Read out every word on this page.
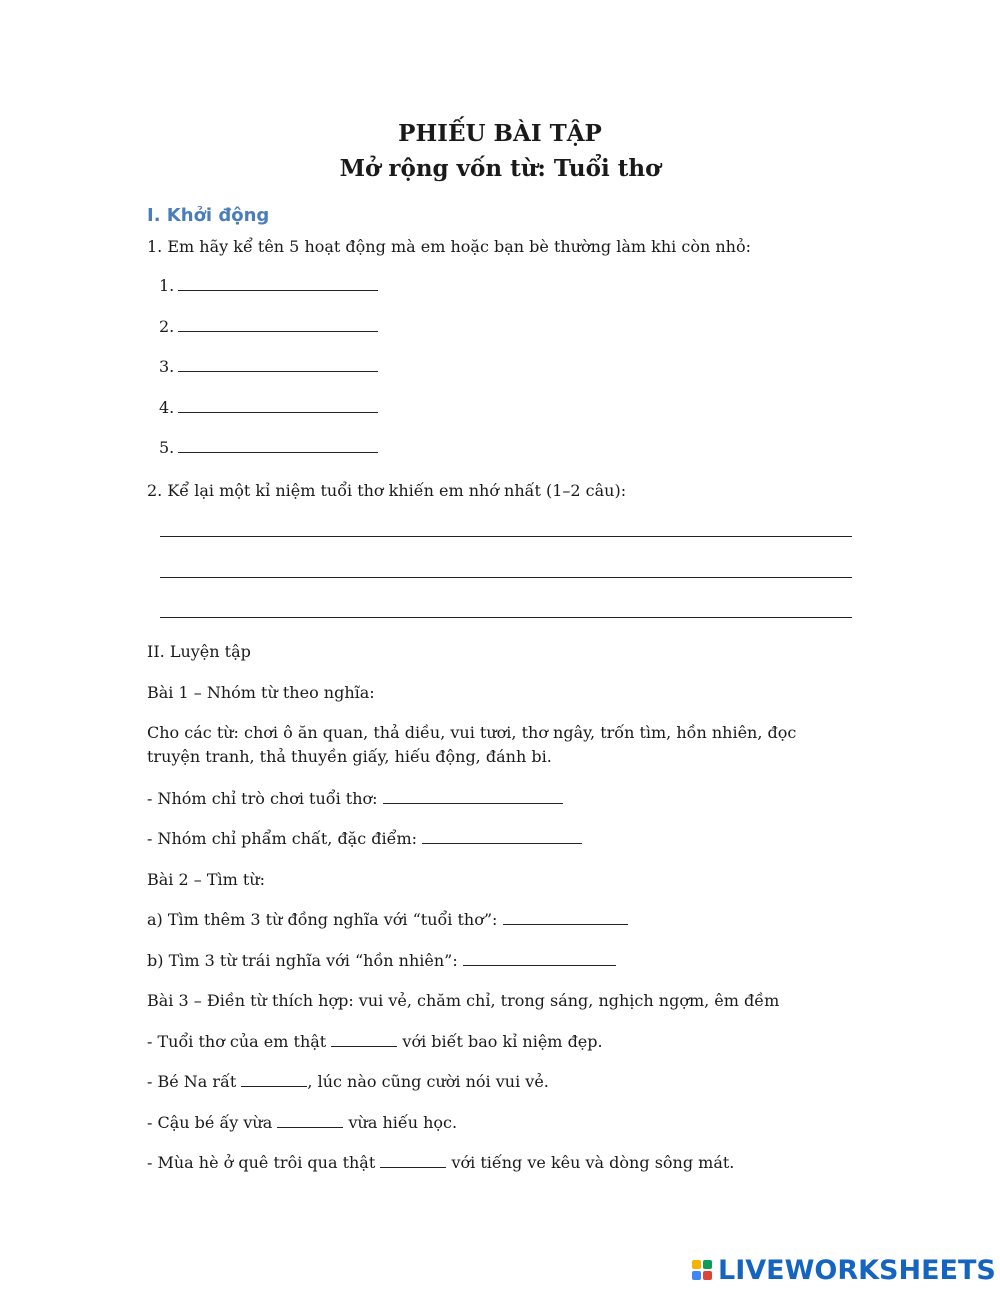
PHIẾU BÀI TẬP
Mở rộng vốn từ: Tuổi thơ
I. Khởi động
1. Em hãy kể tên 5 hoạt động mà em hoặc bạn bè thường làm khi còn nhỏ:
1.
2.
3.
4.
5.
2. Kể lại một kỉ niệm tuổi thơ khiến em nhớ nhất (1–2 câu):
II. Luyện tập
Bài 1 – Nhóm từ theo nghĩa:
Cho các từ: chơi ô ăn quan, thả diều, vui tươi, thơ ngây, trốn tìm, hồn nhiên, đọc truyện tranh, thả thuyền giấy, hiếu động, đánh bi.
- Nhóm chỉ trò chơi tuổi thơ:
- Nhóm chỉ phẩm chất, đặc điểm:
Bài 2 – Tìm từ:
a) Tìm thêm 3 từ đồng nghĩa với “tuổi thơ”:
b) Tìm 3 từ trái nghĩa với “hồn nhiên”:
Bài 3 – Điền từ thích hợp: vui vẻ, chăm chỉ, trong sáng, nghịch ngợm, êm đềm
- Tuổi thơ của em thật	với biết bao kỉ niệm đẹp.
- Bé Na rất	, lúc nào cũng cười nói vui vẻ.
- Cậu bé ấy vừa	vừa hiếu học.
- Mùa hè ở quê trôi qua thật	với tiếng ve kêu và dòng sông mát.
LIVEWORKSHEETS
